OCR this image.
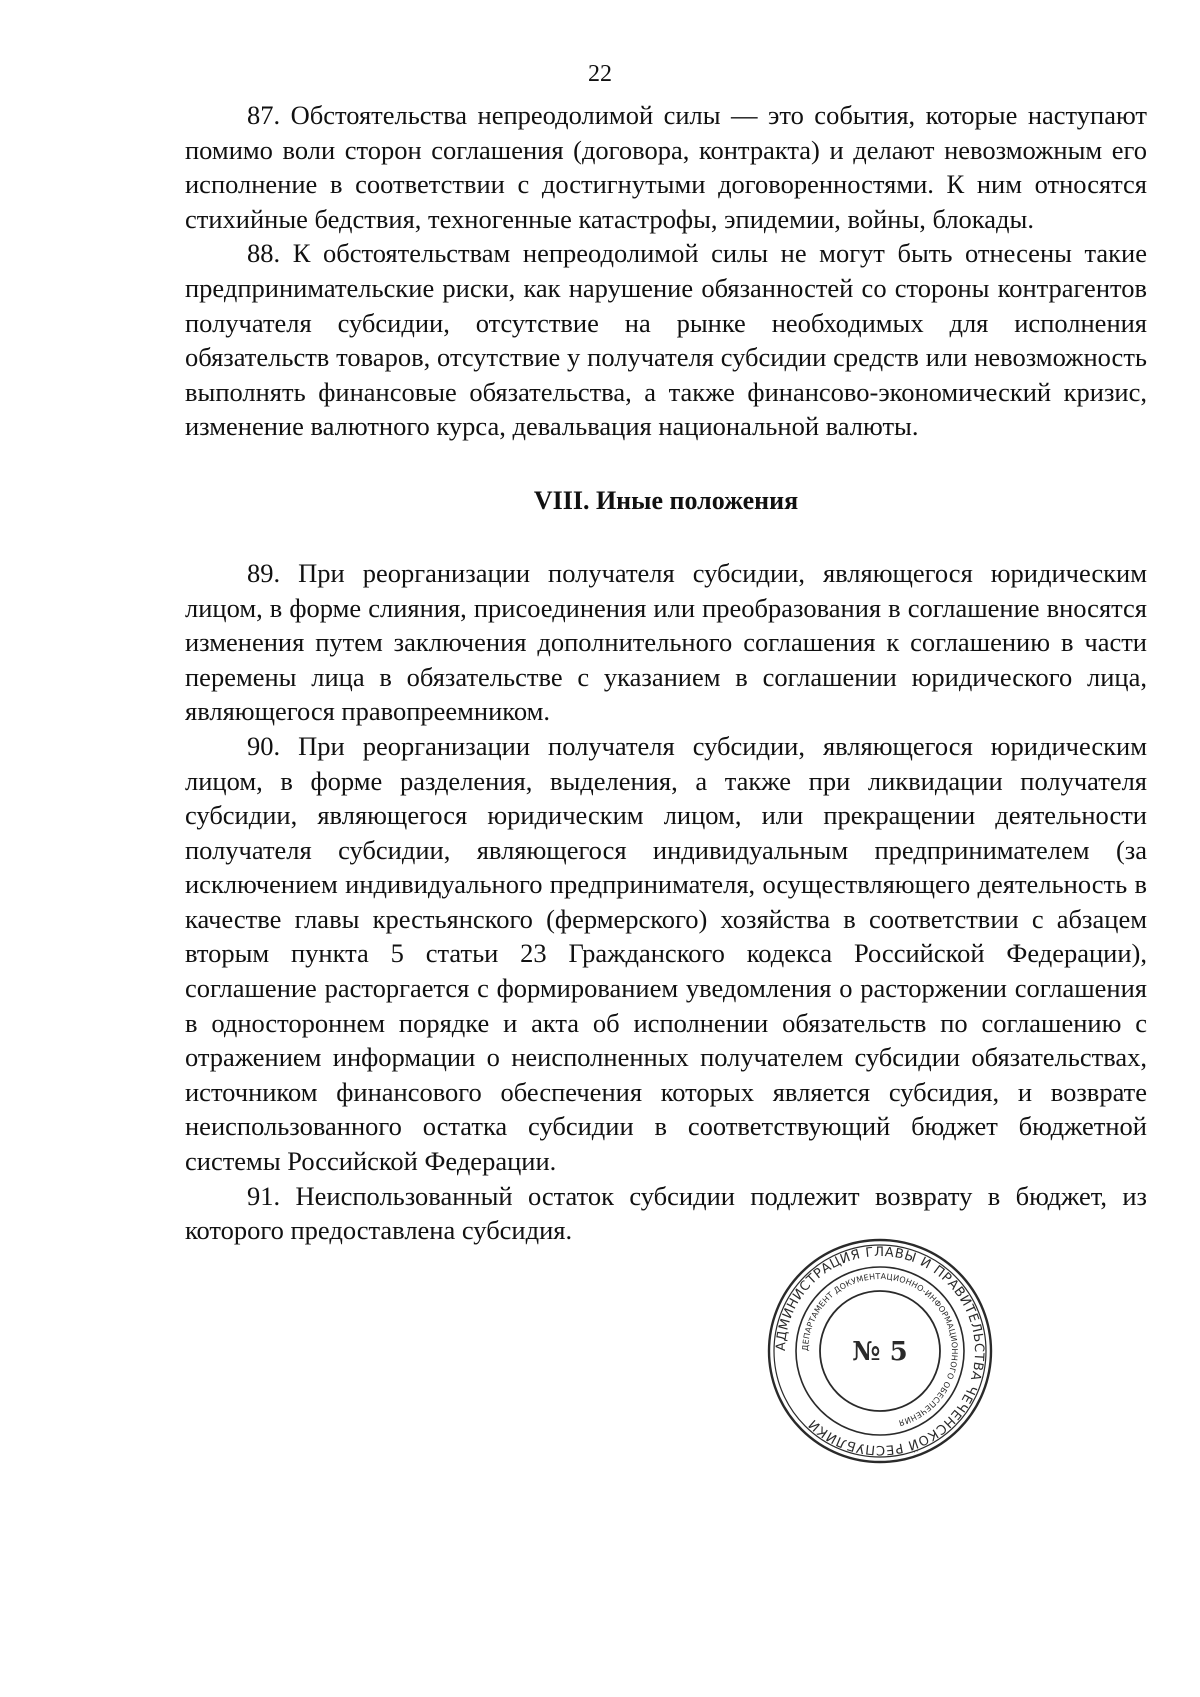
22

87. Обстоятельства непреодолимой силы — это события, которые наступают помимо воли сторон соглашения (договора, контракта) и делают невозможным его исполнение в соответствии с достигнутыми договоренностями. К ним относятся стихийные бедствия, техногенные катастрофы, эпидемии, войны, блокады.

88. К обстоятельствам непреодолимой силы не могут быть отнесены такие предпринимательские риски, как нарушение обязанностей со стороны контрагентов получателя субсидии, отсутствие на рынке необходимых для исполнения обязательств товаров, отсутствие у получателя субсидии средств или невозможность выполнять финансовые обязательства, а также финансово-экономический кризис, изменение валютного курса, девальвация национальной валюты.

VIII. Иные положения

89. При реорганизации получателя субсидии, являющегося юридическим лицом, в форме слияния, присоединения или преобразования в соглашение вносятся изменения путем заключения дополнительного соглашения к соглашению в части перемены лица в обязательстве с указанием в соглашении юридического лица, являющегося правопреемником.

90. При реорганизации получателя субсидии, являющегося юридическим лицом, в форме разделения, выделения, а также при ликвидации получателя субсидии, являющегося юридическим лицом, или прекращении деятельности получателя субсидии, являющегося индивидуальным предпринимателем (за исключением индивидуального предпринимателя, осуществляющего деятельность в качестве главы крестьянского (фермерского) хозяйства в соответствии с абзацем вторым пункта 5 статьи 23 Гражданского кодекса Российской Федерации), соглашение расторгается с формированием уведомления о расторжении соглашения в одностороннем порядке и акта об исполнении обязательств по соглашению с отражением информации о неисполненных получателем субсидии обязательствах, источником финансового обеспечения которых является субсидия, и возврате неиспользованного остатка субсидии в соответствующий бюджет бюджетной системы Российской Федерации.

91. Неиспользованный остаток субсидии подлежит возврату в бюджет, из которого предоставлена субсидия.

АДМИНИСТРАЦИЯ ГЛАВЫ И ПРАВИТЕЛЬСТВА ЧЕЧЕНСКОЙ РЕСПУБЛИКИ
ДЕПАРТАМЕНТ ДОКУМЕНТАЦИОННО-ИНФОРМАЦИОННОГО ОБЕСПЕЧЕНИЯ
№ 5
